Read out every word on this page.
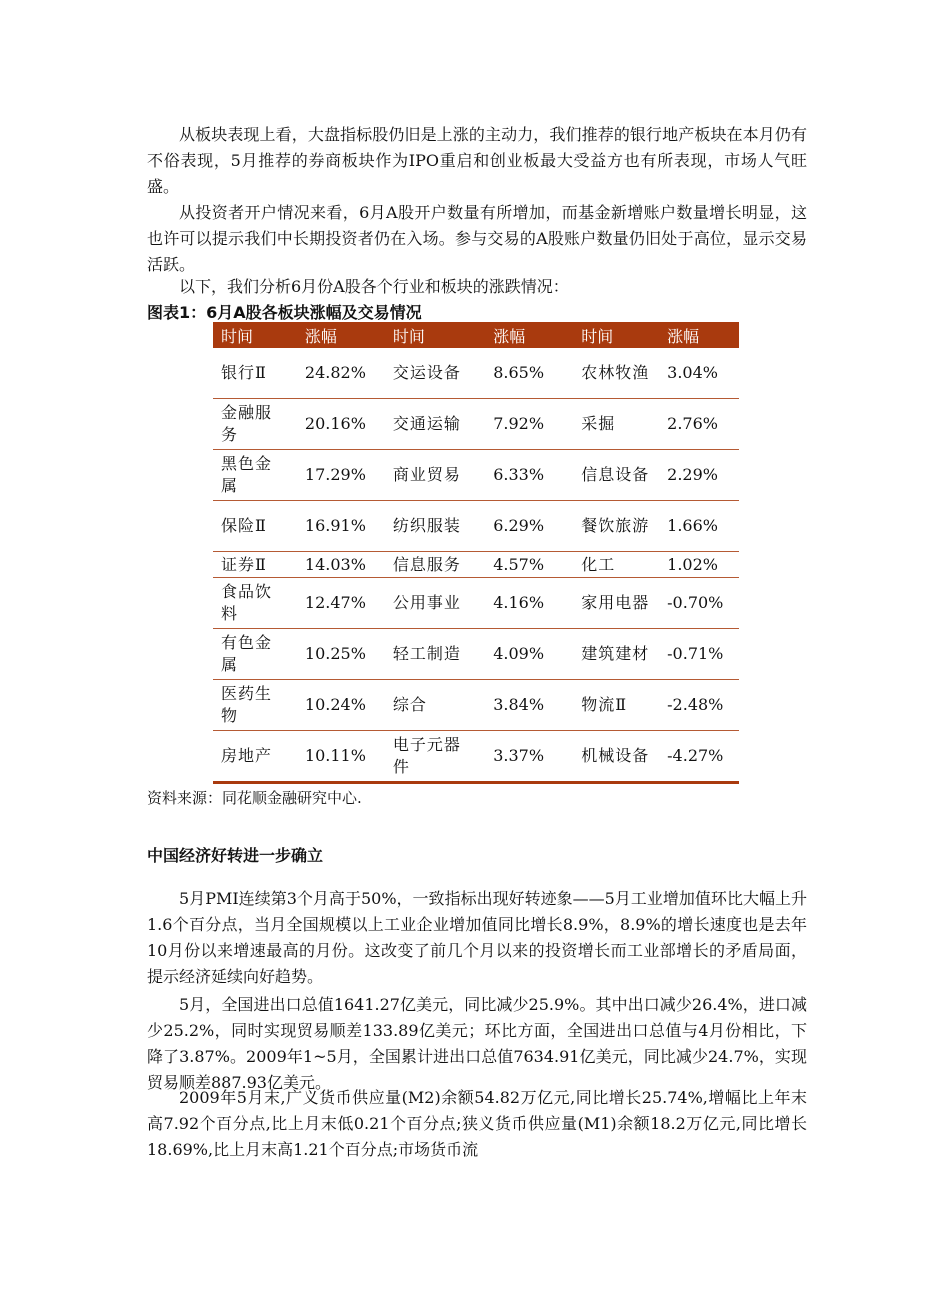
从板块表现上看，大盘指标股仍旧是上涨的主动力，我们推荐的银行地产板块在本月仍有不俗表现，5月推荐的券商板块作为IPO重启和创业板最大受益方也有所表现，市场人气旺盛。

从投资者开户情况来看，6月A股开户数量有所增加，而基金新增账户数量增长明显，这也许可以提示我们中长期投资者仍在入场。参与交易的A股账户数量仍旧处于高位，显示交易活跃。

以下，我们分析6月份A股各个行业和板块的涨跌情况：

图表1：6月A股各板块涨幅及交易情况

时间	涨幅	时间	涨幅	时间	涨幅
银行Ⅱ	24.82%	交运设备	8.65%	农林牧渔	3.04%
金融服务	20.16%	交通运输	7.92%	采掘	2.76%
黑色金属	17.29%	商业贸易	6.33%	信息设备	2.29%
保险Ⅱ	16.91%	纺织服装	6.29%	餐饮旅游	1.66%
证券Ⅱ	14.03%	信息服务	4.57%	化工	1.02%
食品饮料	12.47%	公用事业	4.16%	家用电器	-0.70%
有色金属	10.25%	轻工制造	4.09%	建筑建材	-0.71%
医药生物	10.24%	综合	3.84%	物流Ⅱ	-2.48%
房地产	10.11%	电子元器件	3.37%	机械设备	-4.27%

资料来源：同花顺金融研究中心.

中国经济好转进一步确立

5月PMI连续第3个月高于50%，一致指标出现好转迹象——5月工业增加值环比大幅上升1.6个百分点，当月全国规模以上工业企业增加值同比增长8.9%，8.9%的增长速度也是去年10月份以来增速最高的月份。这改变了前几个月以来的投资增长而工业部增长的矛盾局面，提示经济延续向好趋势。

5月，全国进出口总值1641.27亿美元，同比减少25.9%。其中出口减少26.4%，进口减少25.2%，同时实现贸易顺差133.89亿美元；环比方面，全国进出口总值与4月份相比，下降了3.87%。2009年1~5月，全国累计进出口总值7634.91亿美元，同比减少24.7%，实现贸易顺差887.93亿美元。

2009年5月末,广义货币供应量(M2)余额54.82万亿元,同比增长25.74%,增幅比上年末高7.92个百分点,比上月末低0.21个百分点;狭义货币供应量(M1)余额18.2万亿元,同比增长18.69%,比上月末高1.21个百分点;市场货币流
